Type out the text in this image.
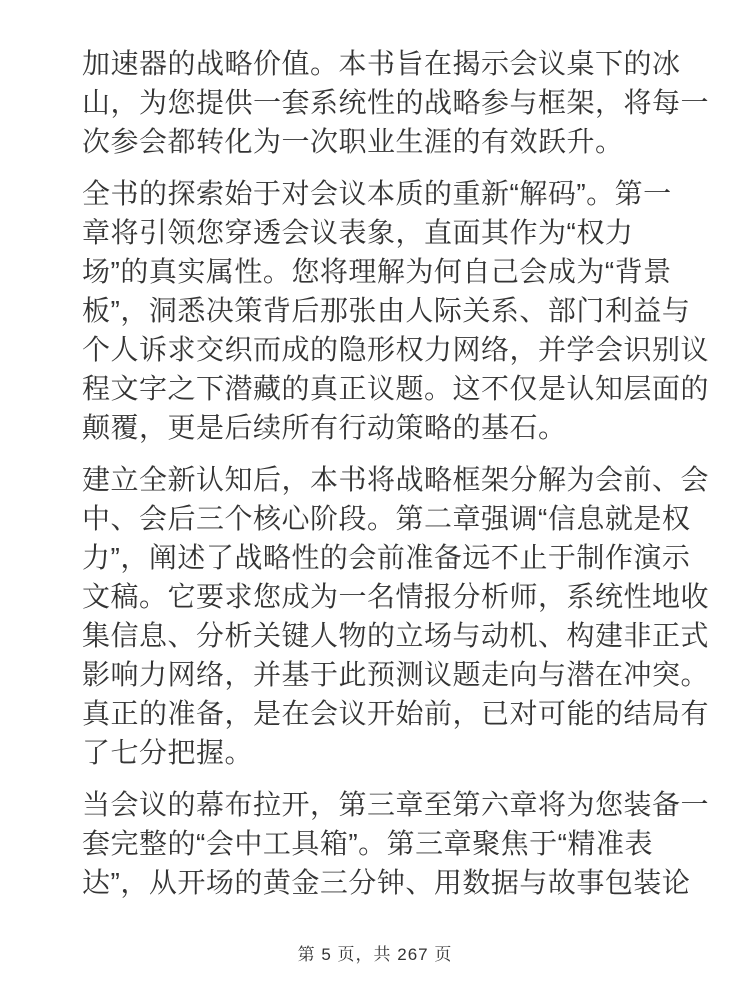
加速器的战略价值。本书旨在揭示会议桌下的冰
山，为您提供一套系统性的战略参与框架，将每一
次参会都转化为一次职业生涯的有效跃升。

全书的探索始于对会议本质的重新“解码”。第一
章将引领您穿透会议表象，直面其作为“权力
场”的真实属性。您将理解为何自己会成为“背景
板”，洞悉决策背后那张由人际关系、部门利益与
个人诉求交织而成的隐形权力网络，并学会识别议
程文字之下潜藏的真正议题。这不仅是认知层面的
颠覆，更是后续所有行动策略的基石。

建立全新认知后，本书将战略框架分解为会前、会
中、会后三个核心阶段。第二章强调“信息就是权
力”，阐述了战略性的会前准备远不止于制作演示
文稿。它要求您成为一名情报分析师，系统性地收
集信息、分析关键人物的立场与动机、构建非正式
影响力网络，并基于此预测议题走向与潜在冲突。
真正的准备，是在会议开始前，已对可能的结局有
了七分把握。

当会议的幕布拉开，第三章至第六章将为您装备一
套完整的“会中工具箱”。第三章聚焦于“精准表
达”，从开场的黄金三分钟、用数据与故事包装论

第 5 页，共 267 页
